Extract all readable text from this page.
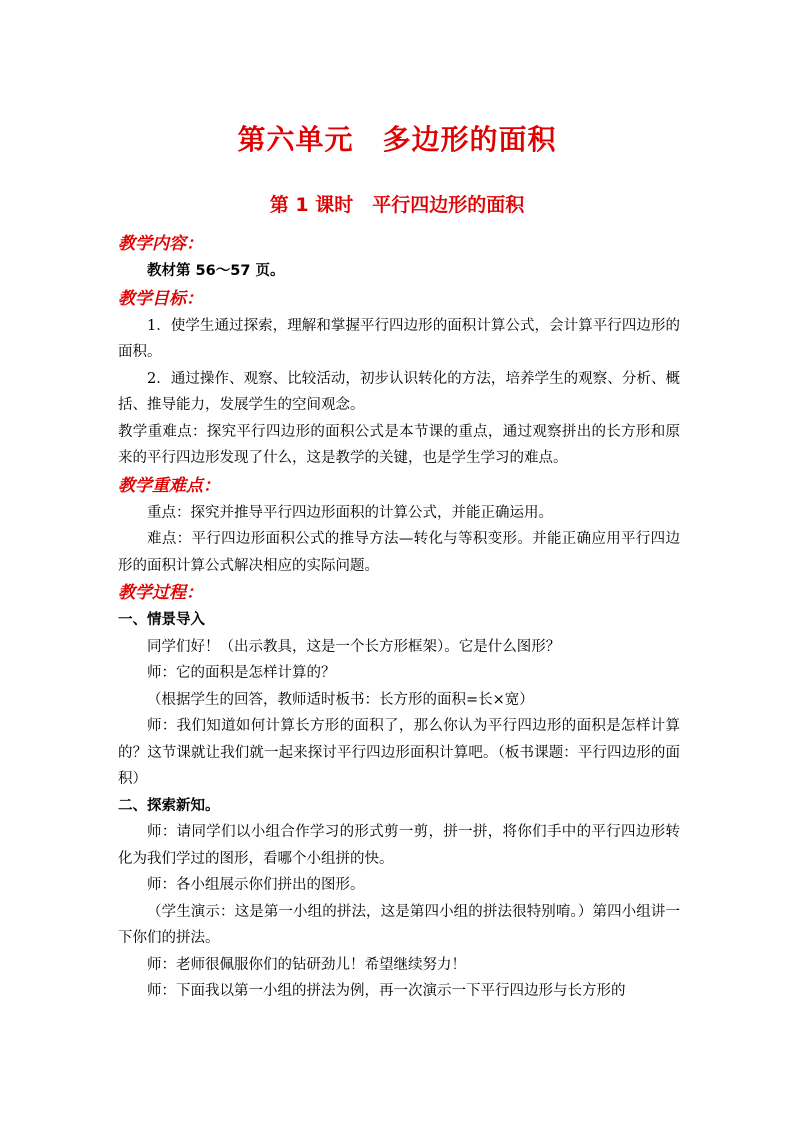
第六单元　多边形的面积
第 1 课时　平行四边形的面积
教学内容：

教材第 56～57 页。

教学目标：

1．使学生通过探索，理解和掌握平行四边形的面积计算公式，会计算平行四边形的面积。

2．通过操作、观察、比较活动，初步认识转化的方法，培养学生的观察、分析、概括、推导能力，发展学生的空间观念。

教学重难点：探究平行四边形的面积公式是本节课的重点，通过观察拼出的长方形和原来的平行四边形发现了什么，这是教学的关键，也是学生学习的难点。

教学重难点：

重点：探究并推导平行四边形面积的计算公式，并能正确运用。

难点：平行四边形面积公式的推导方法—转化与等积变形。并能正确应用平行四边形的面积计算公式解决相应的实际问题。

教学过程：

一、情景导入

同学们好！（出示教具，这是一个长方形框架）。它是什么图形？

师：它的面积是怎样计算的？

（根据学生的回答，教师适时板书：长方形的面积=长×宽）

师：我们知道如何计算长方形的面积了，那么你认为平行四边形的面积是怎样计算的？这节课就让我们就一起来探讨平行四边形面积计算吧。（板书课题：平行四边形的面积）

二、探索新知。

师：请同学们以小组合作学习的形式剪一剪，拼一拼，将你们手中的平行四边形转化为我们学过的图形，看哪个小组拼的快。

师：各小组展示你们拼出的图形。

（学生演示：这是第一小组的拼法，这是第四小组的拼法很特别唷。）第四小组讲一下你们的拼法。

师：老师很佩服你们的钻研劲儿！希望继续努力！

师：下面我以第一小组的拼法为例，再一次演示一下平行四边形与长方形的
